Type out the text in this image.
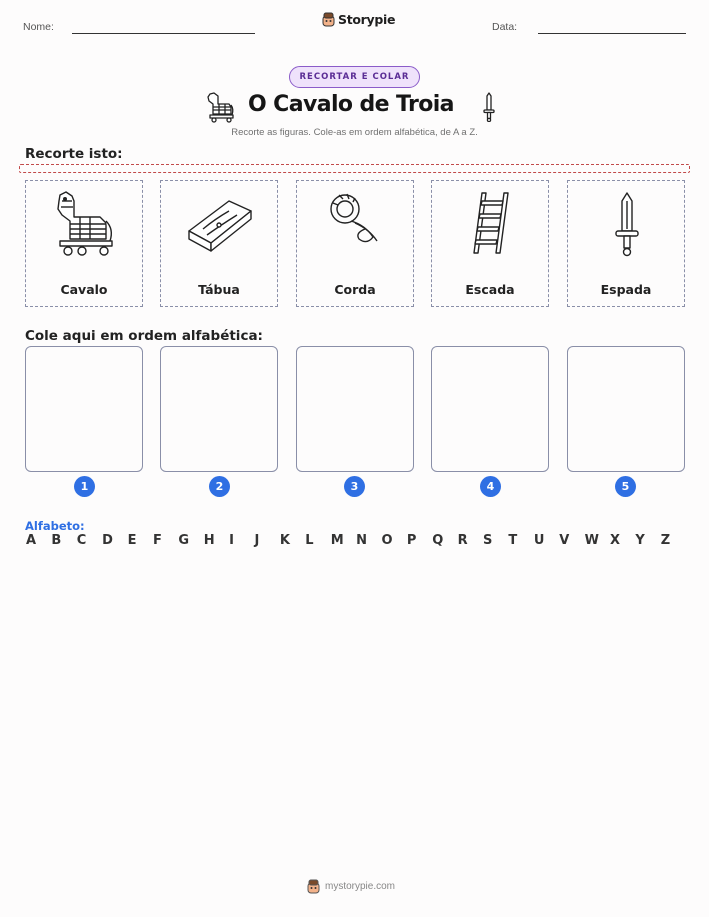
Nome:	Storypie	Data:
RECORTAR E COLAR
O Cavalo de Troia
Recorte as figuras. Cole-as em ordem alfabética, de A a Z.
Recorte isto:
Cavalo	Tábua	Corda	Escada	Espada
Cole aqui em ordem alfabética:
1	2	3	4	5
Alfabeto:
A	B	C	D	E	F	G	H	I	J	K	L	M N	O	P	Q	R	S	T	U	V	W X	Y	Z
mystorypie.com
